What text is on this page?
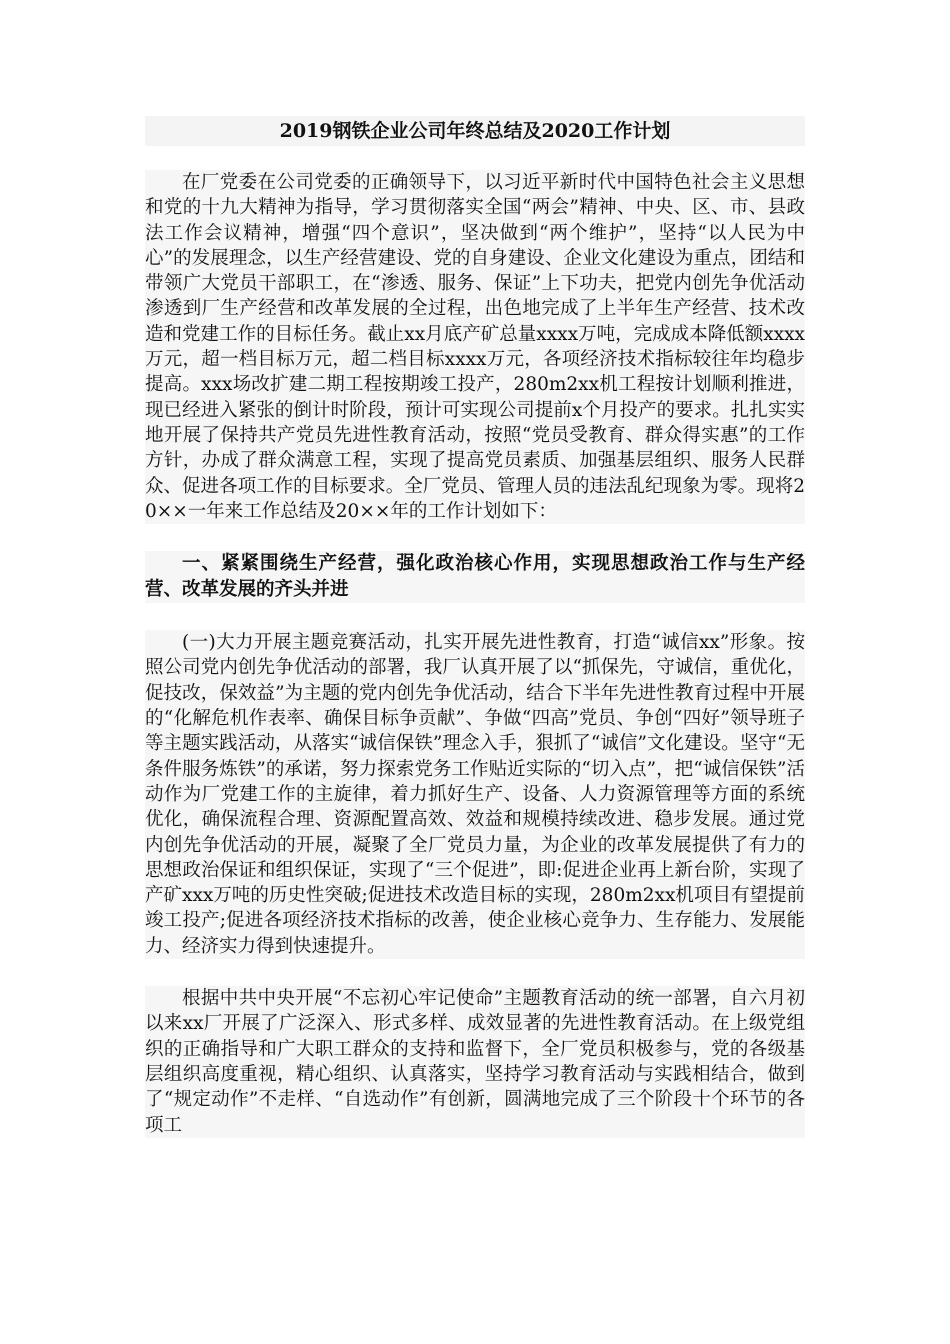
2019钢铁企业公司年终总结及2020工作计划

在厂党委在公司党委的正确领导下，以习近平新时代中国特色社会主义思想和党的十九大精神为指导，学习贯彻落实全国“两会”精神、中央、区、市、县政法工作会议精神，增强“四个意识”，坚决做到“两个维护”，坚持“以人民为中心”的发展理念，以生产经营建设、党的自身建设、企业文化建设为重点，团结和带领广大党员干部职工，在“渗透、服务、保证”上下功夫，把党内创先争优活动渗透到厂生产经营和改革发展的全过程，出色地完成了上半年生产经营、技术改造和党建工作的目标任务。截止xx月底产矿总量xxxx万吨，完成成本降低额xxxx万元，超一档目标万元，超二档目标xxxx万元，各项经济技术指标较往年均稳步提高。xxx场改扩建二期工程按期竣工投产，280m2xx机工程按计划顺利推进，现已经进入紧张的倒计时阶段，预计可实现公司提前x个月投产的要求。扎扎实实地开展了保持共产党员先进性教育活动，按照“党员受教育、群众得实惠”的工作方针，办成了群众满意工程，实现了提高党员素质、加强基层组织、服务人民群众、促进各项工作的目标要求。全厂党员、管理人员的违法乱纪现象为零。现将20××一年来工作总结及20××年的工作计划如下：

一、紧紧围绕生产经营，强化政治核心作用，实现思想政治工作与生产经营、改革发展的齐头并进

(一)大力开展主题竞赛活动，扎实开展先进性教育，打造“诚信xx”形象。按照公司党内创先争优活动的部署，我厂认真开展了以“抓保先，守诚信，重优化，促技改，保效益”为主题的党内创先争优活动，结合下半年先进性教育过程中开展的“化解危机作表率、确保目标争贡献”、争做“四高”党员、争创“四好”领导班子等主题实践活动，从落实“诚信保铁”理念入手，狠抓了“诚信”文化建设。坚守“无条件服务炼铁”的承诺，努力探索党务工作贴近实际的“切入点”，把“诚信保铁”活动作为厂党建工作的主旋律，着力抓好生产、设备、人力资源管理等方面的系统优化，确保流程合理、资源配置高效、效益和规模持续改进、稳步发展。通过党内创先争优活动的开展，凝聚了全厂党员力量，为企业的改革发展提供了有力的思想政治保证和组织保证，实现了“三个促进”，即:促进企业再上新台阶，实现了产矿xxx万吨的历史性突破;促进技术改造目标的实现，280m2xx机项目有望提前竣工投产;促进各项经济技术指标的改善，使企业核心竞争力、生存能力、发展能力、经济实力得到快速提升。

根据中共中央开展“不忘初心牢记使命”主题教育活动的统一部署，自六月初以来xx厂开展了广泛深入、形式多样、成效显著的先进性教育活动。在上级党组织的正确指导和广大职工群众的支持和监督下，全厂党员积极参与，党的各级基层组织高度重视，精心组织、认真落实，坚持学习教育活动与实践相结合，做到了“规定动作”不走样、“自选动作”有创新，圆满地完成了三个阶段十个环节的各项工
